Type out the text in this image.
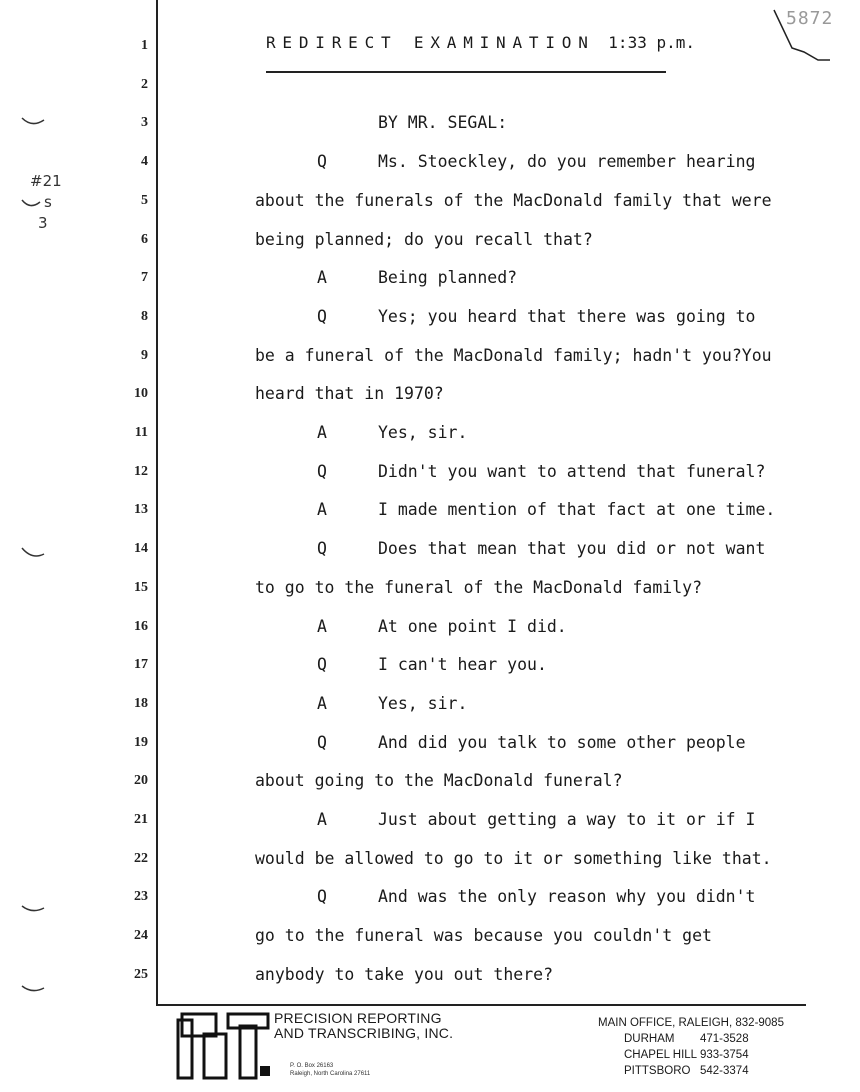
5872
REDIRECT EXAMINATION 1:33 p.m.
1
2
3	BY MR. SEGAL:
4	Q	Ms. Stoeckley, do you remember hearing
5	about the funerals of the MacDonald family that were
6	being planned; do you recall that?
7	A	Being planned?
8	Q	Yes; you heard that there was going to
9	be a funeral of the MacDonald family; hadn't you?You
10	heard that in 1970?
11	A	Yes, sir.
12	Q	Didn't you want to attend that funeral?
13	A	I made mention of that fact at one time.
14	Q	Does that mean that you did or not want
15	to go to the funeral of the MacDonald family?
16	A	At one point I did.
17	Q	I can't hear you.
18	A	Yes, sir.
19	Q	And did you talk to some other people
20	about going to the MacDonald funeral?
21	A	Just about getting a way to it or if I
22	would be allowed to go to it or something like that.
23	Q	And was the only reason why you didn't
24	go to the funeral was because you couldn't get
25	anybody to take you out there?
#21
s
3
PRECISION REPORTING
AND TRANSCRIBING, INC.
P. O. Box 26163
Raleigh, North Carolina 27611
MAIN OFFICE, RALEIGH, 832-9085
DURHAM 471-3528
CHAPEL HILL 933-3754
PITTSBORO 542-3374
